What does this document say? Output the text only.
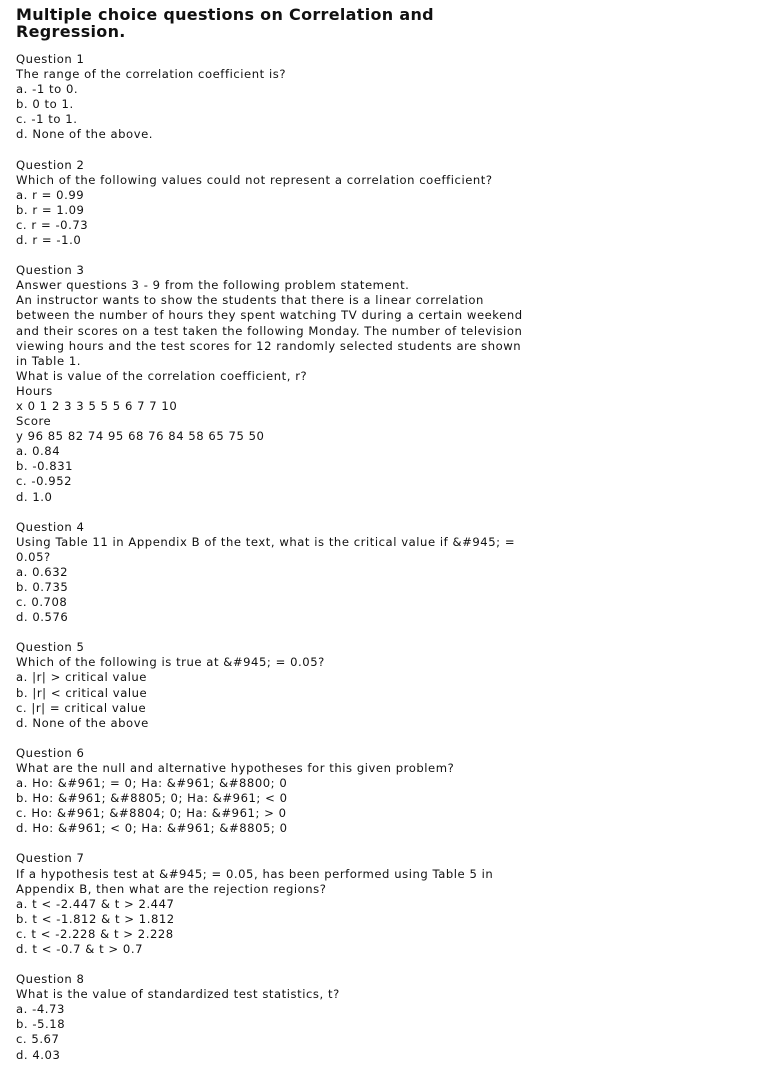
Multiple choice questions on Correlation and
Regression.
Question 1
The range of the correlation coefficient is?
a. -1 to 0.
b. 0 to 1.
c. -1 to 1.
d. None of the above.
Question 2
Which of the following values could not represent a correlation coefficient?
a. r = 0.99
b. r = 1.09
c. r = -0.73
d. r = -1.0
Question 3
Answer questions 3 - 9 from the following problem statement.
An instructor wants to show the students that there is a linear correlation
between the number of hours they spent watching TV during a certain weekend
and their scores on a test taken the following Monday. The number of television
viewing hours and the test scores for 12 randomly selected students are shown
in Table 1.
What is value of the correlation coefficient, r?
Hours
x 0 1 2 3 3 5 5 5 6 7 7 10
Score
y 96 85 82 74 95 68 76 84 58 65 75 50
a. 0.84
b. -0.831
c. -0.952
d. 1.0
Question 4
Using Table 11 in Appendix B of the text, what is the critical value if &#945; =
0.05?
a. 0.632
b. 0.735
c. 0.708
d. 0.576
Question 5
Which of the following is true at &#945; = 0.05?
a. |r| > critical value
b. |r| < critical value
c. |r| = critical value
d. None of the above
Question 6
What are the null and alternative hypotheses for this given problem?
a. Ho: &#961; = 0; Ha: &#961; &#8800; 0
b. Ho: &#961; &#8805; 0; Ha: &#961; < 0
c. Ho: &#961; &#8804; 0; Ha: &#961; > 0
d. Ho: &#961; < 0; Ha: &#961; &#8805; 0
Question 7
If a hypothesis test at &#945; = 0.05, has been performed using Table 5 in
Appendix B, then what are the rejection regions?
a. t < -2.447 & t > 2.447
b. t < -1.812 & t > 1.812
c. t < -2.228 & t > 2.228
d. t < -0.7 & t > 0.7
Question 8
What is the value of standardized test statistics, t?
a. -4.73
b. -5.18
c. 5.67
d. 4.03
